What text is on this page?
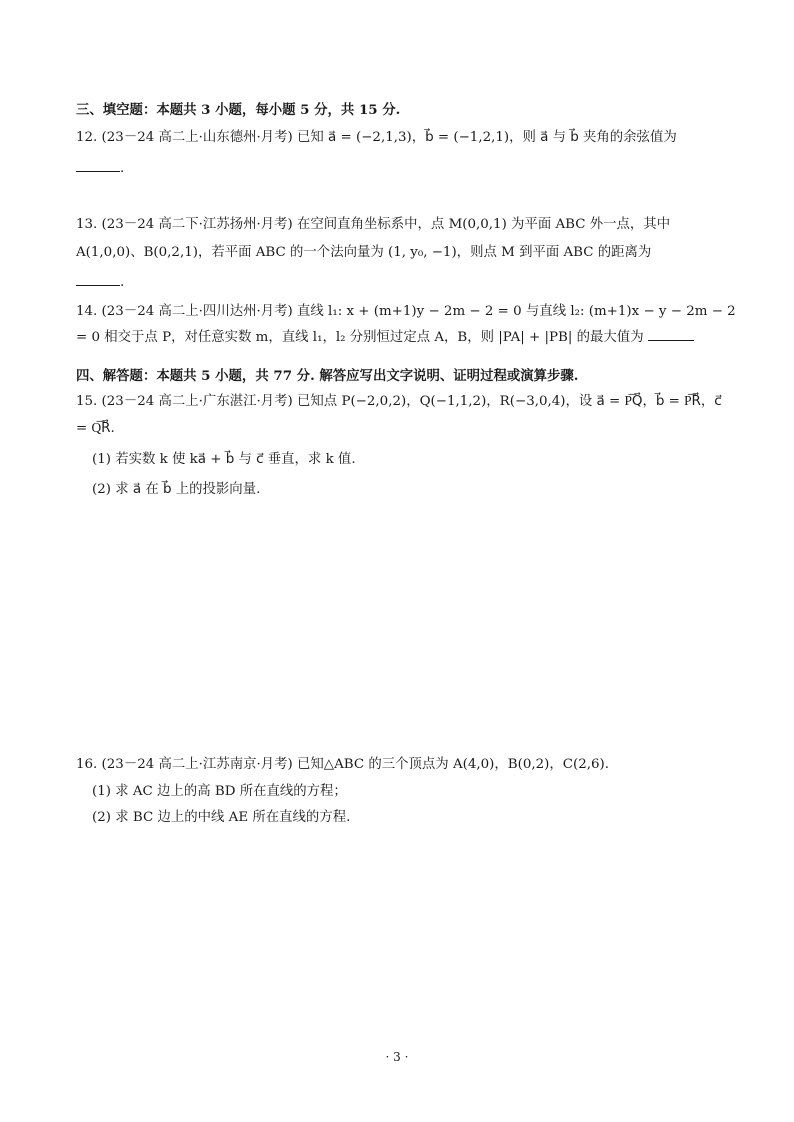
三、填空题：本题共 3 小题，每小题 5 分，共 15 分.
12. (23－24 高二上·山东德州·月考) 已知 a⃗ = (−2,1,3)，b⃗ = (−1,2,1)，则 a⃗ 与 b⃗ 夹角的余弦值为
.
13. (23－24 高二下·江苏扬州·月考) 在空间直角坐标系中，点 M(0,0,1) 为平面 ABC 外一点，其中
A(1,0,0)、B(0,2,1)，若平面 ABC 的一个法向量为 (1, y₀, −1)，则点 M 到平面 ABC 的距离为
.
14. (23－24 高二上·四川达州·月考) 直线 l₁: x + (m+1)y − 2m − 2 = 0 与直线 l₂: (m+1)x − y − 2m − 2
= 0 相交于点 P，对任意实数 m，直线 l₁，l₂ 分别恒过定点 A，B，则 |PA| + |PB| 的最大值为
四、解答题：本题共 5 小题，共 77 分. 解答应写出文字说明、证明过程或演算步骤.
15. (23－24 高二上·广东湛江·月考) 已知点 P(−2,0,2)，Q(−1,1,2)，R(−3,0,4)，设 a⃗ = P͞Q⃗，b⃗ = P͞R⃗，c⃗
= Q͞R⃗.
(1) 若实数 k 使 ka⃗ + b⃗ 与 c⃗ 垂直，求 k 值.
(2) 求 a⃗ 在 b⃗ 上的投影向量.
16. (23－24 高二上·江苏南京·月考) 已知△ABC 的三个顶点为 A(4,0)，B(0,2)，C(2,6).
(1) 求 AC 边上的高 BD 所在直线的方程；
(2) 求 BC 边上的中线 AE 所在直线的方程.
· 3 ·
